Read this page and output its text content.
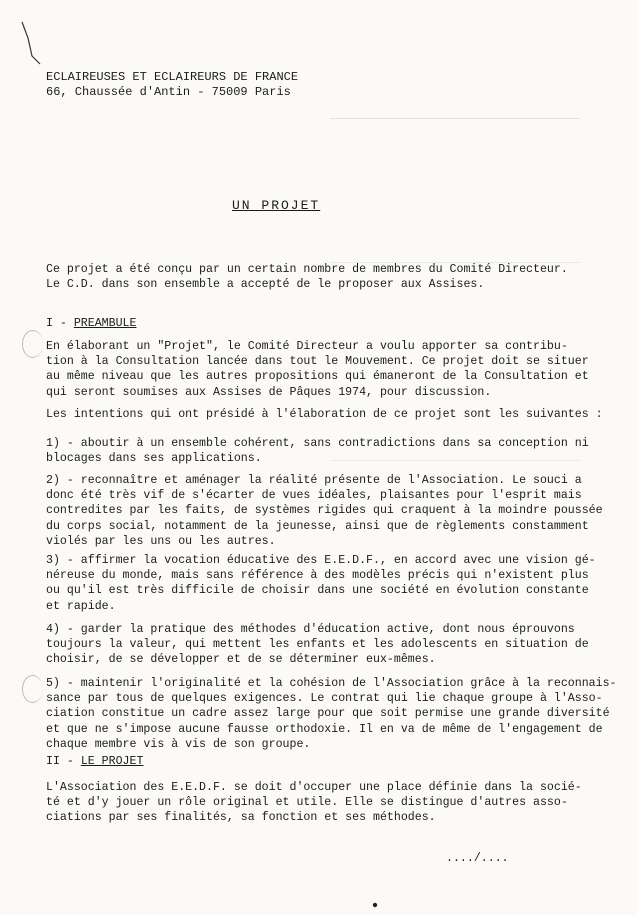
ECLAIREUSES ET ECLAIREURS DE FRANCE
66, Chaussée d'Antin - 75009 Paris
UN PROJET
Ce projet a été conçu par un certain nombre de membres du Comité Directeur.
Le C.D. dans son ensemble a accepté de le proposer aux Assises.
I - PREAMBULE
En élaborant un "Projet", le Comité Directeur a voulu apporter sa contribu-
tion à la Consultation lancée dans tout le Mouvement. Ce projet doit se situer
au même niveau que les autres propositions qui émaneront de la Consultation et
qui seront soumises aux Assises de Pâques 1974, pour discussion.
Les intentions qui ont présidé à l'élaboration de ce projet sont les suivantes :
1) - aboutir à un ensemble cohérent, sans contradictions dans sa conception ni
blocages dans ses applications.
2) - reconnaître et aménager la réalité présente de l'Association. Le souci a
donc été très vif de s'écarter de vues idéales, plaisantes pour l'esprit mais
contredites par les faits, de systèmes rigides qui craquent à la moindre poussée
du corps social, notamment de la jeunesse, ainsi que de règlements constamment
violés par les uns ou les autres.
3) - affirmer la vocation éducative des E.E.D.F., en accord avec une vision gé-
néreuse du monde, mais sans référence à des modèles précis qui n'existent plus
ou qu'il est très difficile de choisir dans une société en évolution constante
et rapide.
4) - garder la pratique des méthodes d'éducation active, dont nous éprouvons
toujours la valeur, qui mettent les enfants et les adolescents en situation de
choisir, de se développer et de se déterminer eux-mêmes.
5) - maintenir l'originalité et la cohésion de l'Association grâce à la reconnais-
sance par tous de quelques exigences. Le contrat qui lie chaque groupe à l'Asso-
ciation constitue un cadre assez large pour que soit permise une grande diversité
et que ne s'impose aucune fausse orthodoxie. Il en va de même de l'engagement de
chaque membre vis à vis de son groupe.
II - LE PROJET
L'Association des E.E.D.F. se doit d'occuper une place définie dans la socié-
té et d'y jouer un rôle original et utile. Elle se distingue d'autres asso-
ciations par ses finalités, sa fonction et ses méthodes.
..../....
